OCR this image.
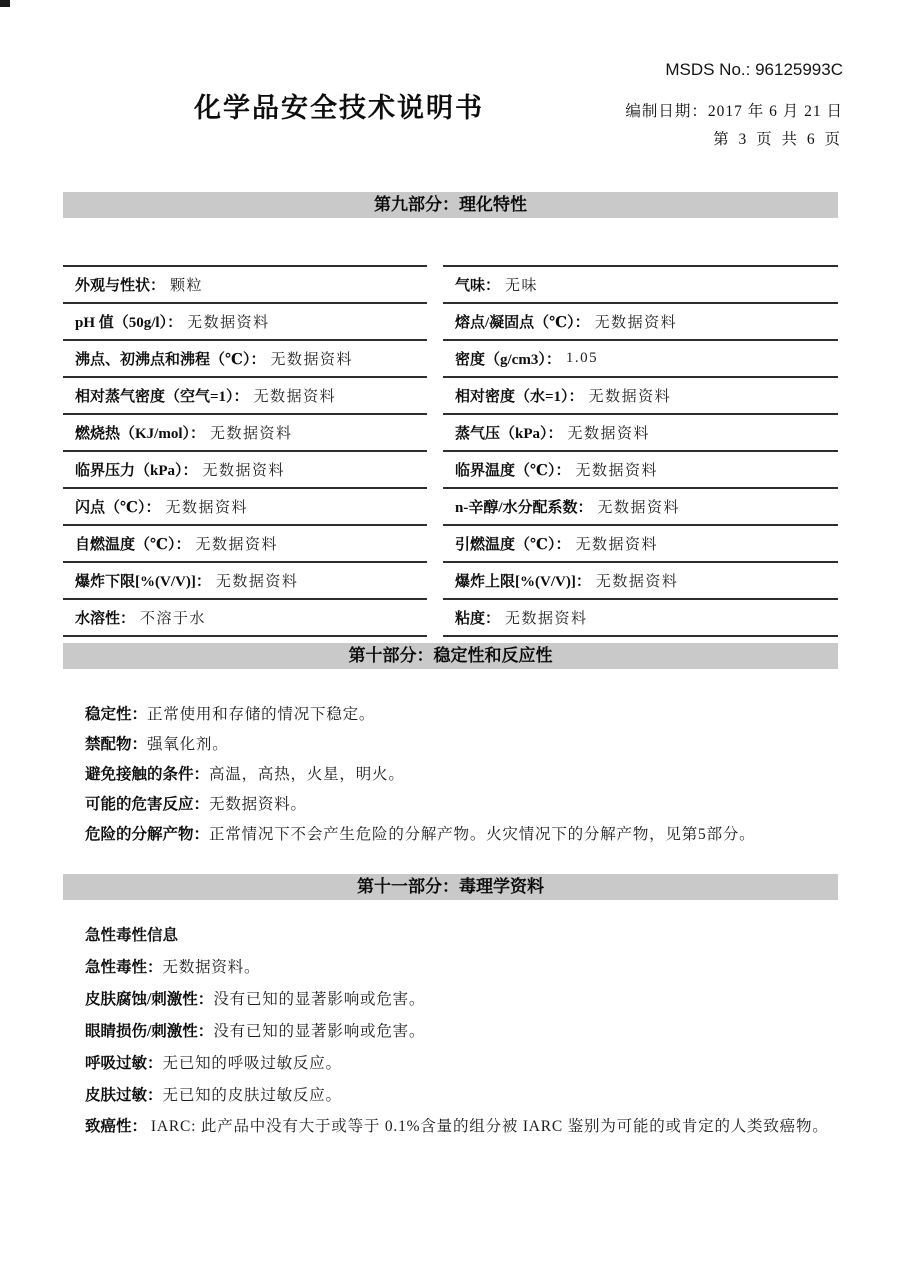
MSDS No.: 96125993C
化学品安全技术说明书	编制日期：2017 年 6 月 21 日
第 3 页 共 6 页
第九部分：理化特性
外观与性状： 颗粒
pH 值（50g/l）： 无数据资料
沸点、初沸点和沸程（℃）： 无数据资料
相对蒸气密度（空气=1）： 无数据资料
燃烧热（KJ/mol）： 无数据资料
临界压力（kPa）： 无数据资料
闪点（℃）： 无数据资料
自燃温度（℃）： 无数据资料
爆炸下限[%(V/V)]： 无数据资料
水溶性： 不溶于水
气味： 无味
熔点/凝固点（℃）： 无数据资料
密度（g/cm3）： 1.05
相对密度（水=1）： 无数据资料
蒸气压（kPa）： 无数据资料
临界温度（℃）： 无数据资料
n-辛醇/水分配系数： 无数据资料
引燃温度（℃）： 无数据资料
爆炸上限[%(V/V)]： 无数据资料
粘度： 无数据资料
第十部分：稳定性和反应性
稳定性：正常使用和存储的情况下稳定。
禁配物：强氧化剂。
避免接触的条件：高温，高热，火星，明火。
可能的危害反应：无数据资料。
危险的分解产物：正常情况下不会产生危险的分解产物。火灾情况下的分解产物，见第5部分。
第十一部分：毒理学资料
急性毒性信息
急性毒性：无数据资料。
皮肤腐蚀/刺激性：没有已知的显著影响或危害。
眼睛损伤/刺激性：没有已知的显著影响或危害。
呼吸过敏：无已知的呼吸过敏反应。
皮肤过敏：无已知的皮肤过敏反应。
致癌性： IARC: 此产品中没有大于或等于 0.1%含量的组分被 IARC 鉴别为可能的或肯定的人类致癌物。
